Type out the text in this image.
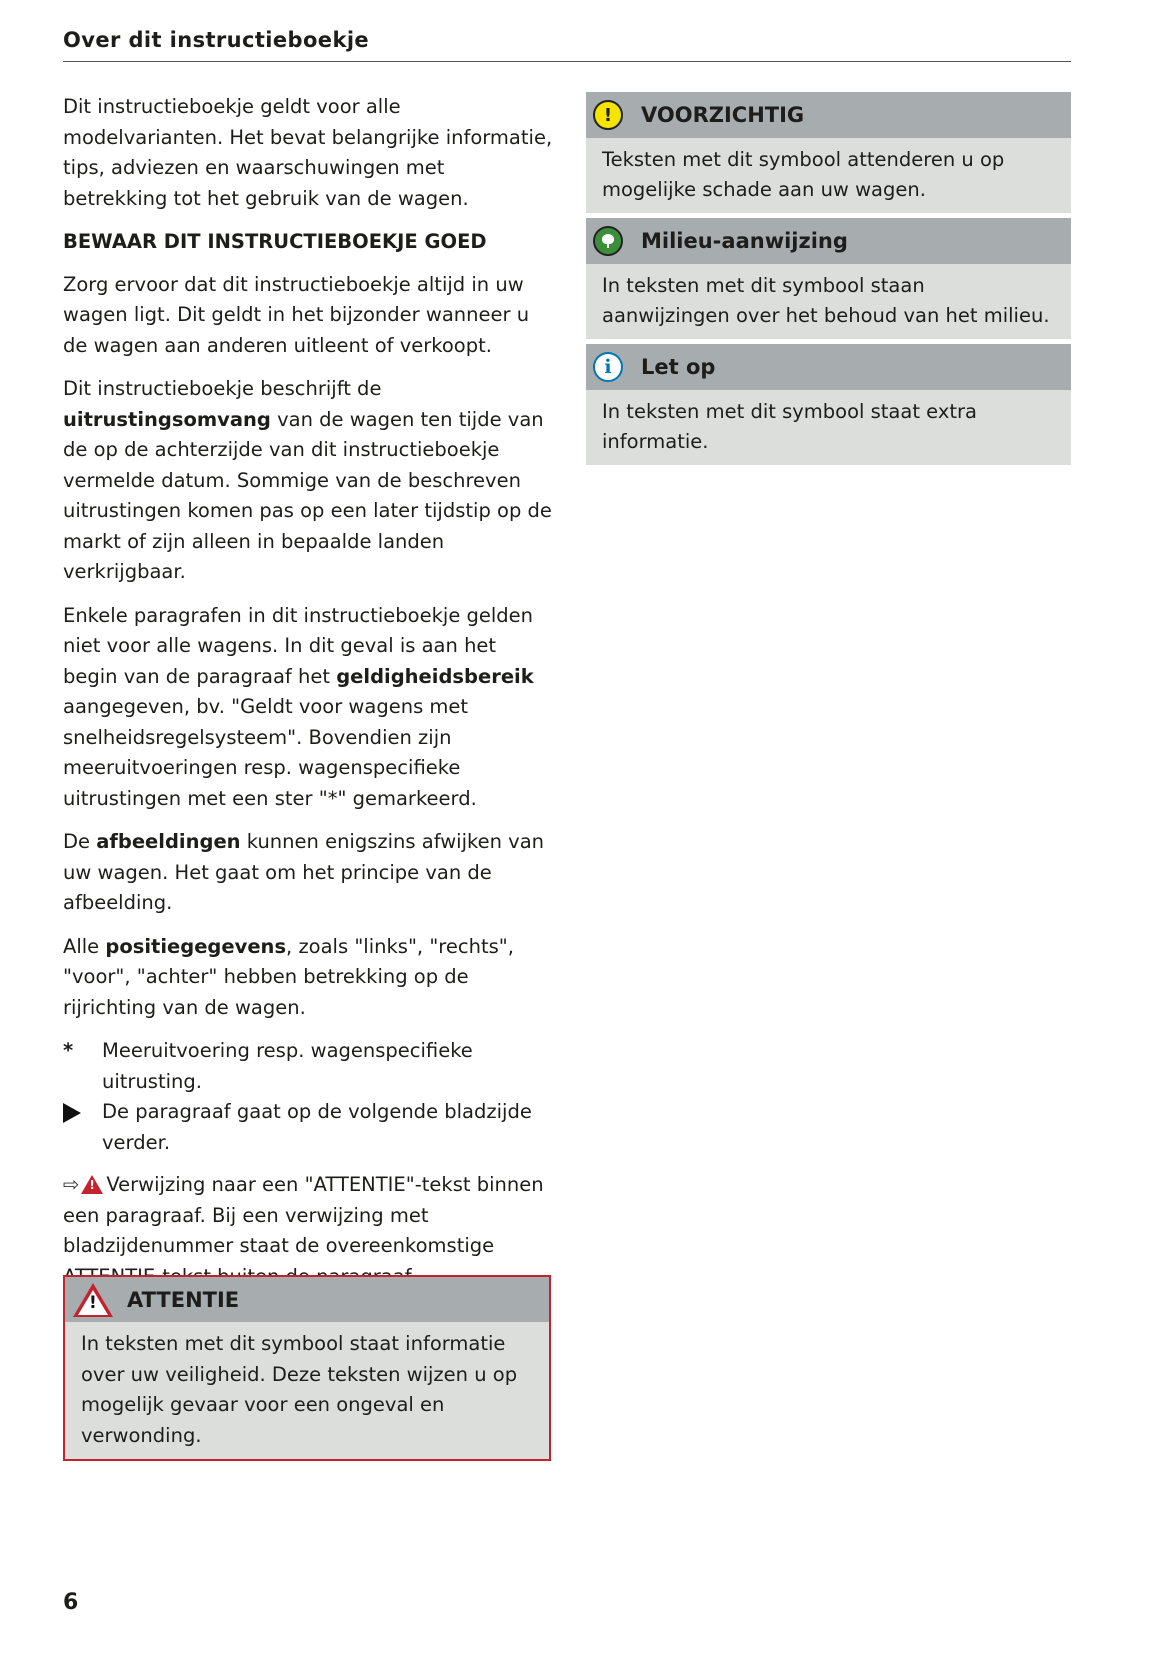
Over dit instructieboekje

Dit instructieboekje geldt voor alle modelvarianten. Het bevat belangrijke informatie, tips, adviezen en waarschuwingen met betrekking tot het gebruik van de wagen.

BEWAAR DIT INSTRUCTIEBOEKJE GOED

Zorg ervoor dat dit instructieboekje altijd in uw wagen ligt. Dit geldt in het bijzonder wanneer u de wagen aan anderen uitleent of verkoopt.

Dit instructieboekje beschrijft de uitrustingsomvang van de wagen ten tijde van de op de achterzijde van dit instructieboekje vermelde datum. Sommige van de beschreven uitrustingen komen pas op een later tijdstip op de markt of zijn alleen in bepaalde landen verkrijgbaar.

Enkele paragrafen in dit instructieboekje gelden niet voor alle wagens. In dit geval is aan het begin van de paragraaf het geldigheidsbereik aangegeven, bv. "Geldt voor wagens met snelheidsregelsysteem". Bovendien zijn meeruitvoeringen resp. wagenspecifieke uitrustingen met een ster "*" gemarkeerd.

De afbeeldingen kunnen enigszins afwijken van uw wagen. Het gaat om het principe van de afbeelding.

Alle positiegegevens, zoals "links", "rechts", "voor", "achter" hebben betrekking op de rijrichting van de wagen.

*	Meeruitvoering resp. wagenspecifieke uitrusting.
De paragraaf gaat op de volgende bladzijde verder.

⇨ ! Verwijzing naar een "ATTENTIE"-tekst binnen een paragraaf. Bij een verwijzing met bladzijdenummer staat de overeenkomstige

! ATTENTIE
In teksten met dit symbool staat informatie over uw veiligheid. Deze teksten wijzen u op mogelijk gevaar voor een ongeval en verwonding.
!	VOORZICHTIG
Teksten met dit symbool attenderen u op mogelijke schade aan uw wagen.
Milieu-aanwijzing
In teksten met dit symbool staan aanwijzingen over het behoud van het milieu.
i	Let op
In teksten met dit symbool staat extra informatie.
6
